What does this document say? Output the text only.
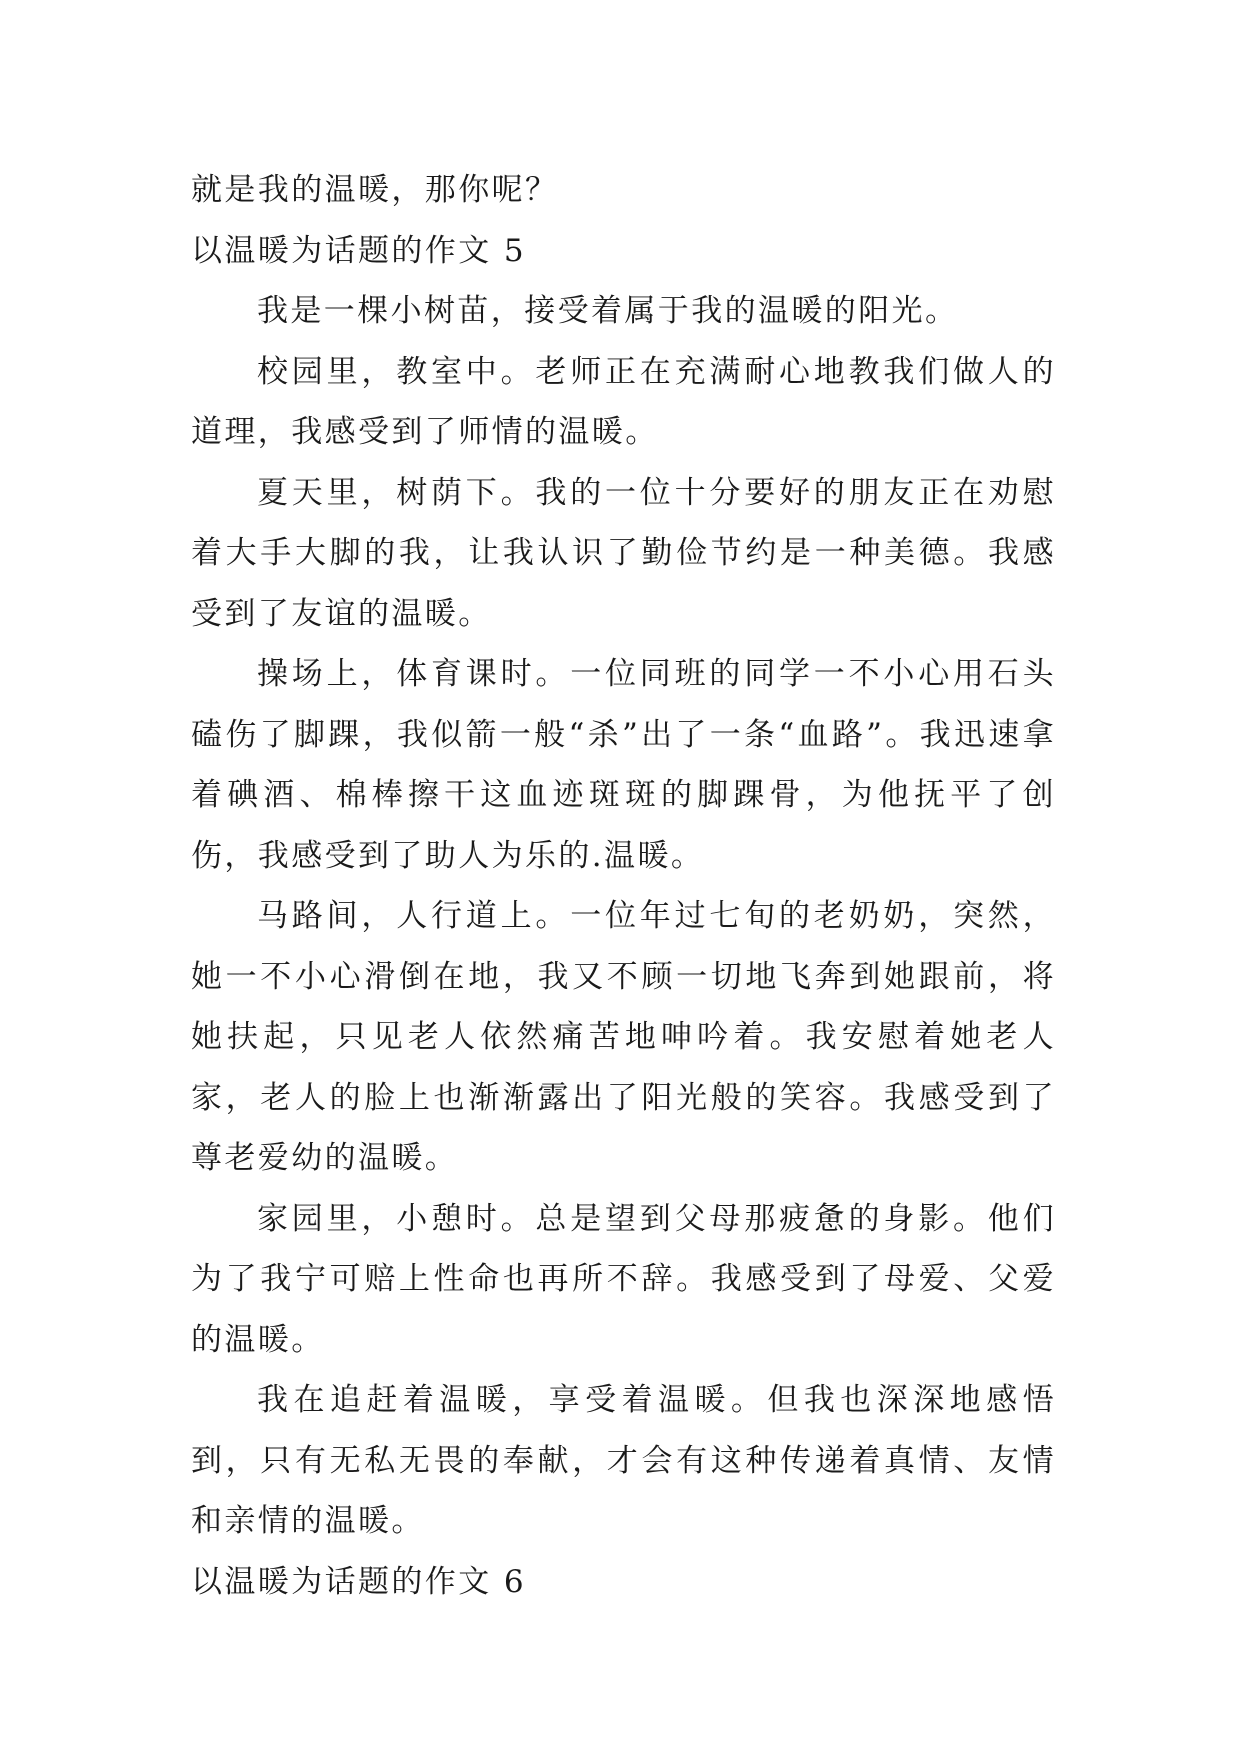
就是我的温暖，那你呢？

以温暖为话题的作文 5

我是一棵小树苗，接受着属于我的温暖的阳光。

校园里，教室中。老师正在充满耐心地教我们做人的道理，我感受到了师情的温暖。

夏天里，树荫下。我的一位十分要好的朋友正在劝慰着大手大脚的我，让我认识了勤俭节约是一种美德。我感受到了友谊的温暖。

操场上，体育课时。一位同班的同学一不小心用石头磕伤了脚踝，我似箭一般“杀”出了一条“血路”。我迅速拿着碘酒、棉棒擦干这血迹斑斑的脚踝骨，为他抚平了创伤，我感受到了助人为乐的.温暖。

马路间，人行道上。一位年过七旬的老奶奶，突然，她一不小心滑倒在地，我又不顾一切地飞奔到她跟前，将她扶起，只见老人依然痛苦地呻吟着。我安慰着她老人家，老人的脸上也渐渐露出了阳光般的笑容。我感受到了尊老爱幼的温暖。

家园里，小憩时。总是望到父母那疲惫的身影。他们为了我宁可赔上性命也再所不辞。我感受到了母爱、父爱的温暖。

我在追赶着温暖，享受着温暖。但我也深深地感悟到，只有无私无畏的奉献，才会有这种传递着真情、友情和亲情的温暖。

以温暖为话题的作文 6
